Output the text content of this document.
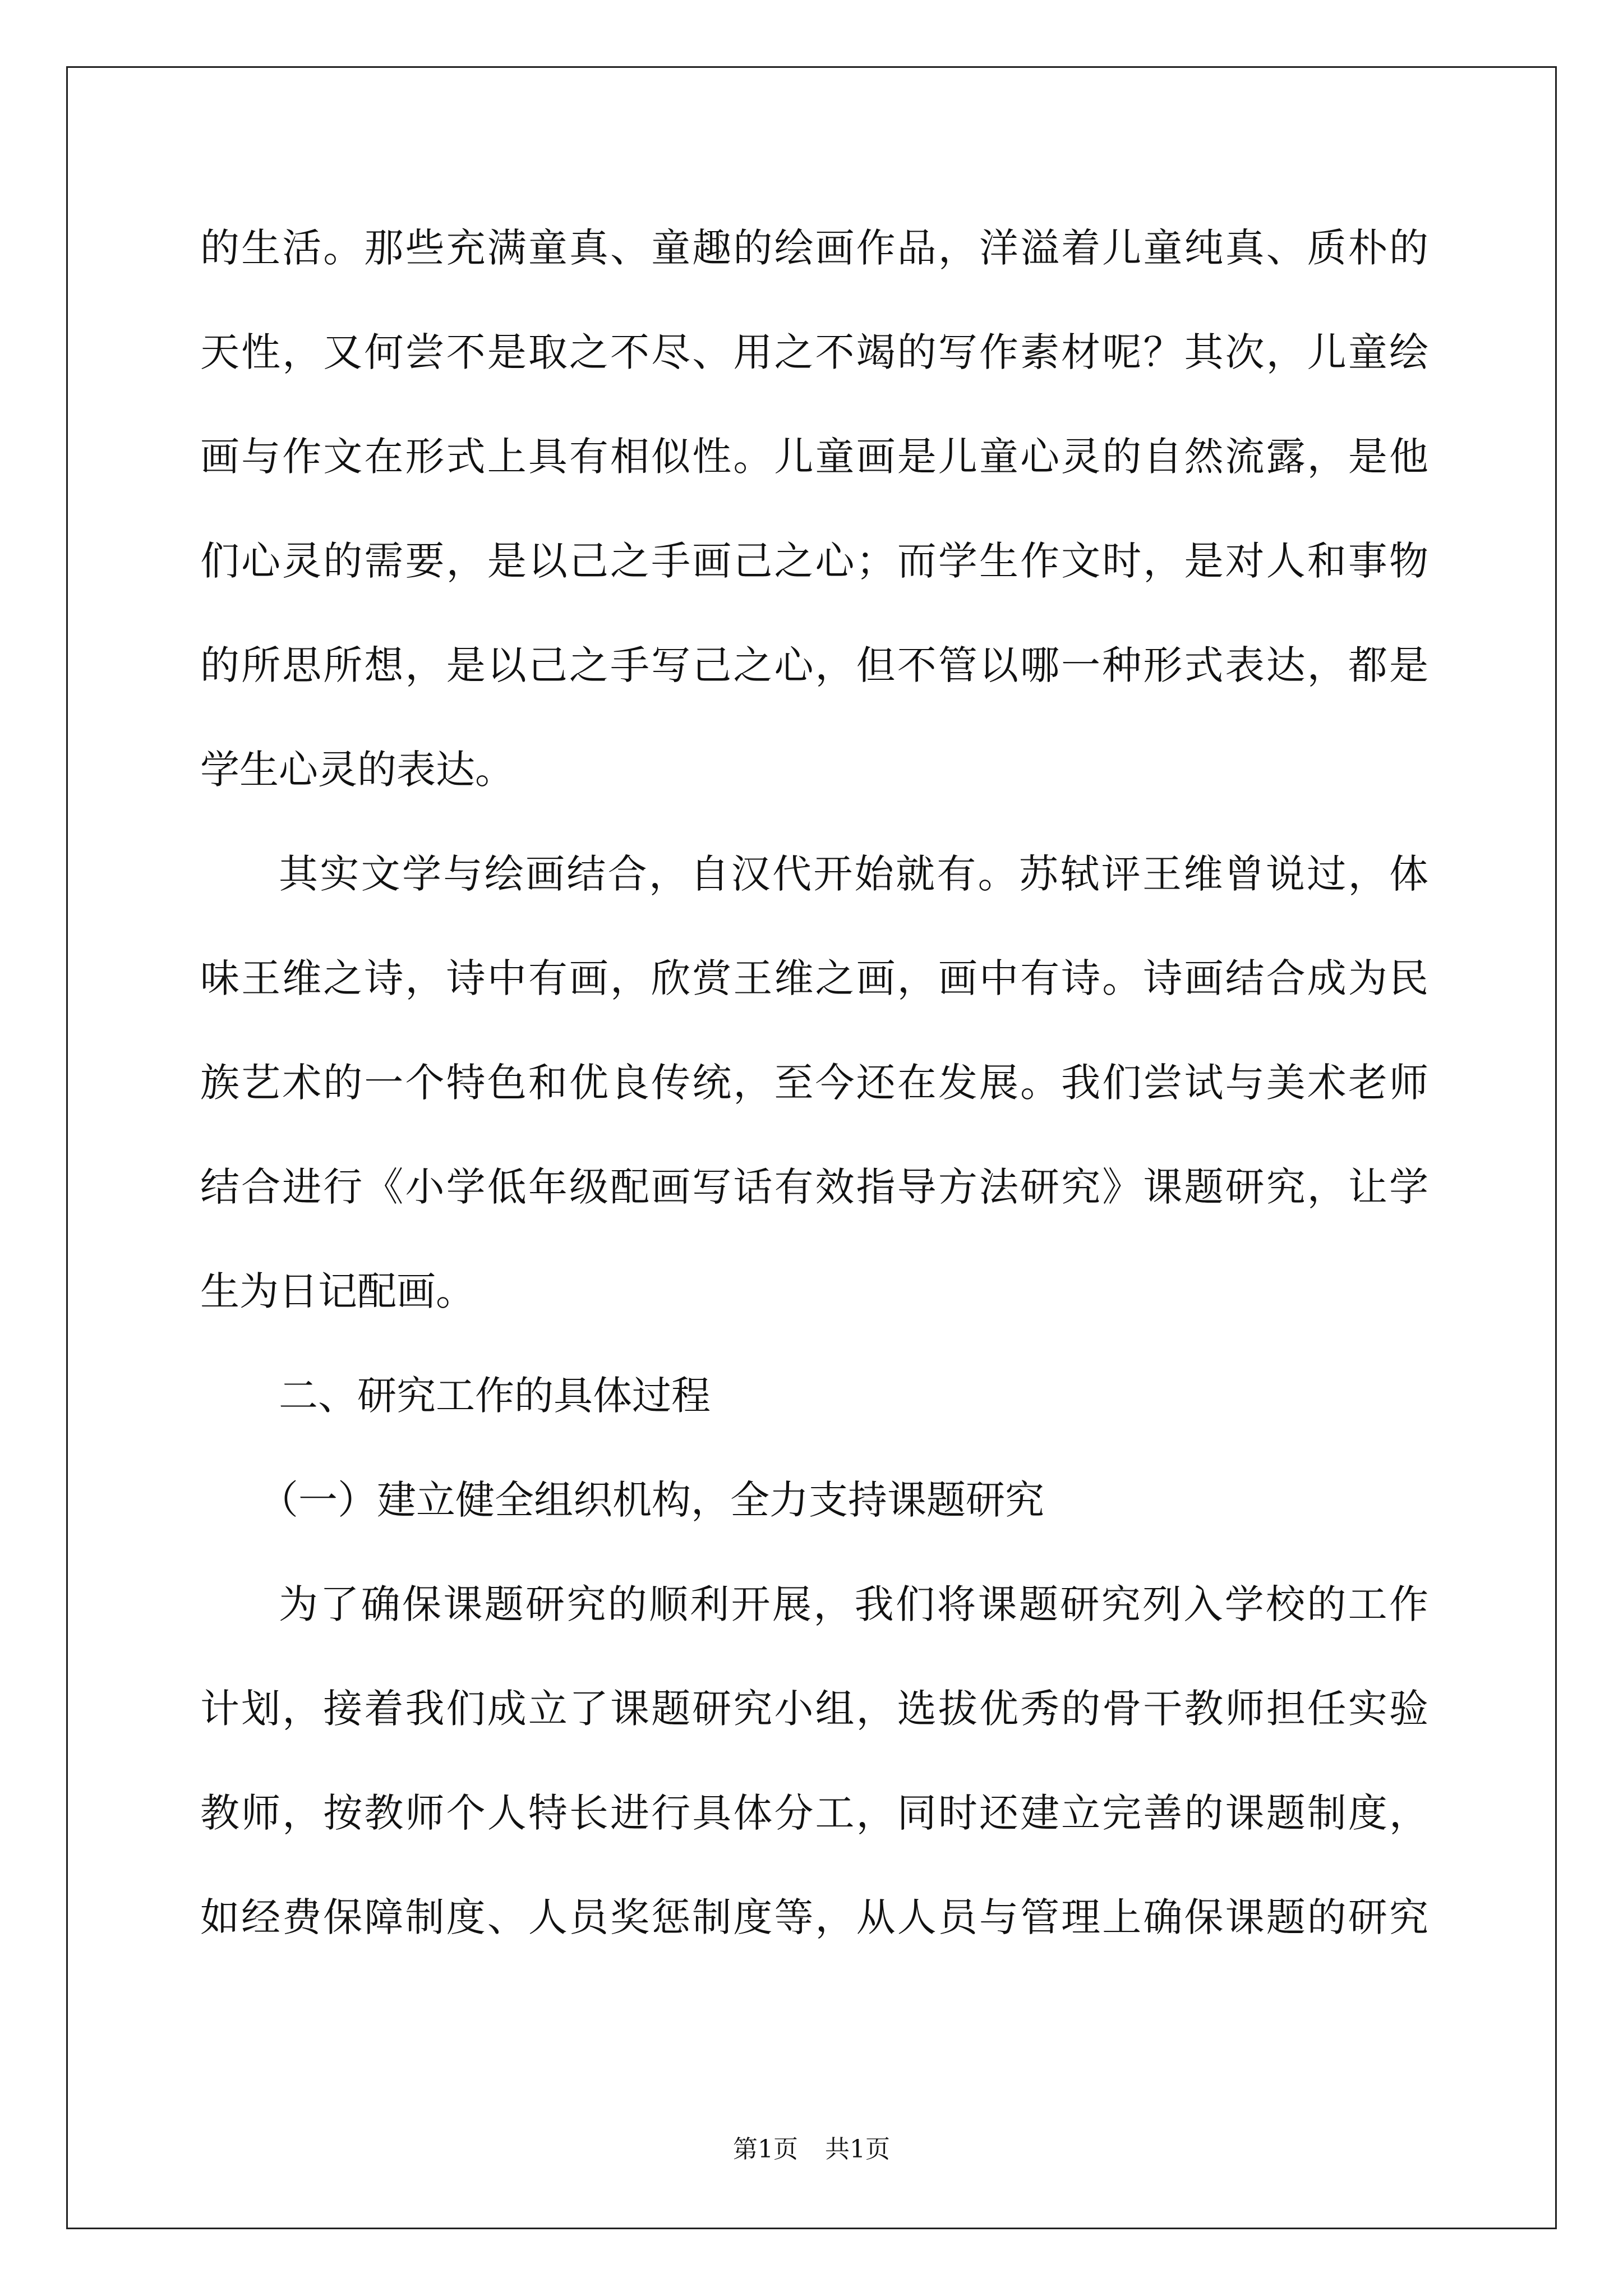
的生活。那些充满童真、童趣的绘画作品，洋溢着儿童纯真、质朴的
天性，又何尝不是取之不尽、用之不竭的写作素材呢？其次，儿童绘
画与作文在形式上具有相似性。儿童画是儿童心灵的自然流露，是他
们心灵的需要，是以己之手画己之心；而学生作文时，是对人和事物
的所思所想，是以己之手写己之心，但不管以哪一种形式表达，都是
学生心灵的表达。
其实文学与绘画结合，自汉代开始就有。苏轼评王维曾说过，体
味王维之诗，诗中有画，欣赏王维之画，画中有诗。诗画结合成为民
族艺术的一个特色和优良传统，至今还在发展。我们尝试与美术老师
结合进行《小学低年级配画写话有效指导方法研究》课题研究，让学
生为日记配画。
二、研究工作的具体过程
（一）建立健全组织机构，全力支持课题研究
为了确保课题研究的顺利开展，我们将课题研究列入学校的工作
计划，接着我们成立了课题研究小组，选拔优秀的骨干教师担任实验
教师，按教师个人特长进行具体分工，同时还建立完善的课题制度，
如经费保障制度、人员奖惩制度等，从人员与管理上确保课题的研究
第1页 共1页
